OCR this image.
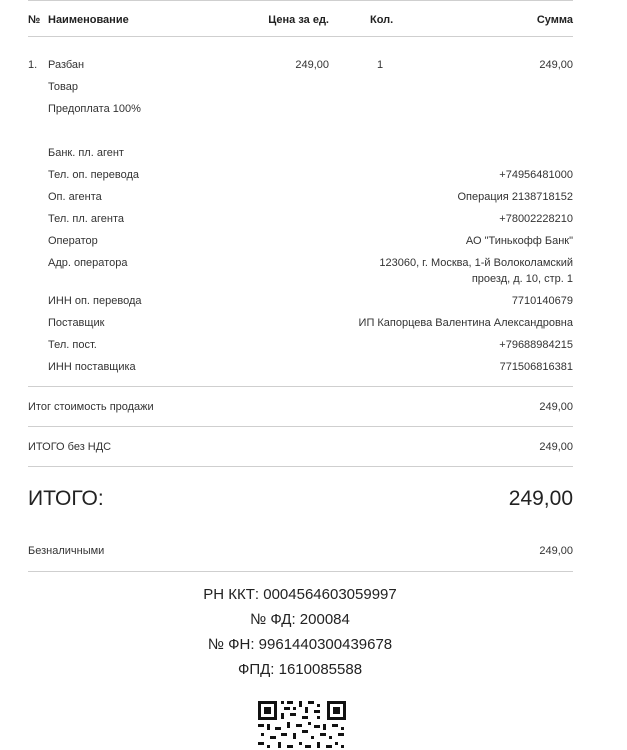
№ Наименование	Цена за ед.	Кол.	Сумма
1. Разбан	249,00	1	249,00
Товар
Предоплата 100%
Банк. пл. агент
Тел. оп. перевода	+74956481000
Оп. агента	Операция 2138718152
Тел. пл. агента	+78002228210
Оператор	АО "Тинькофф Банк"
Адр. оператора	123060, г. Москва, 1-й Волоколамский
проезд, д. 10, стр. 1
ИНН оп. перевода	7710140679
Поставщик	ИП Капорцева Валентина Александровна
Тел. пост.	+79688984215
ИНН поставщика	771506816381
Итог стоимость продажи	249,00
ИТОГО без НДС	249,00
ИТОГО:	249,00
Безналичными	249,00
РН ККТ: 0004564603059997
№ ФД: 200084
№ ФН: 9961440300439678
ФПД: 1610085588
